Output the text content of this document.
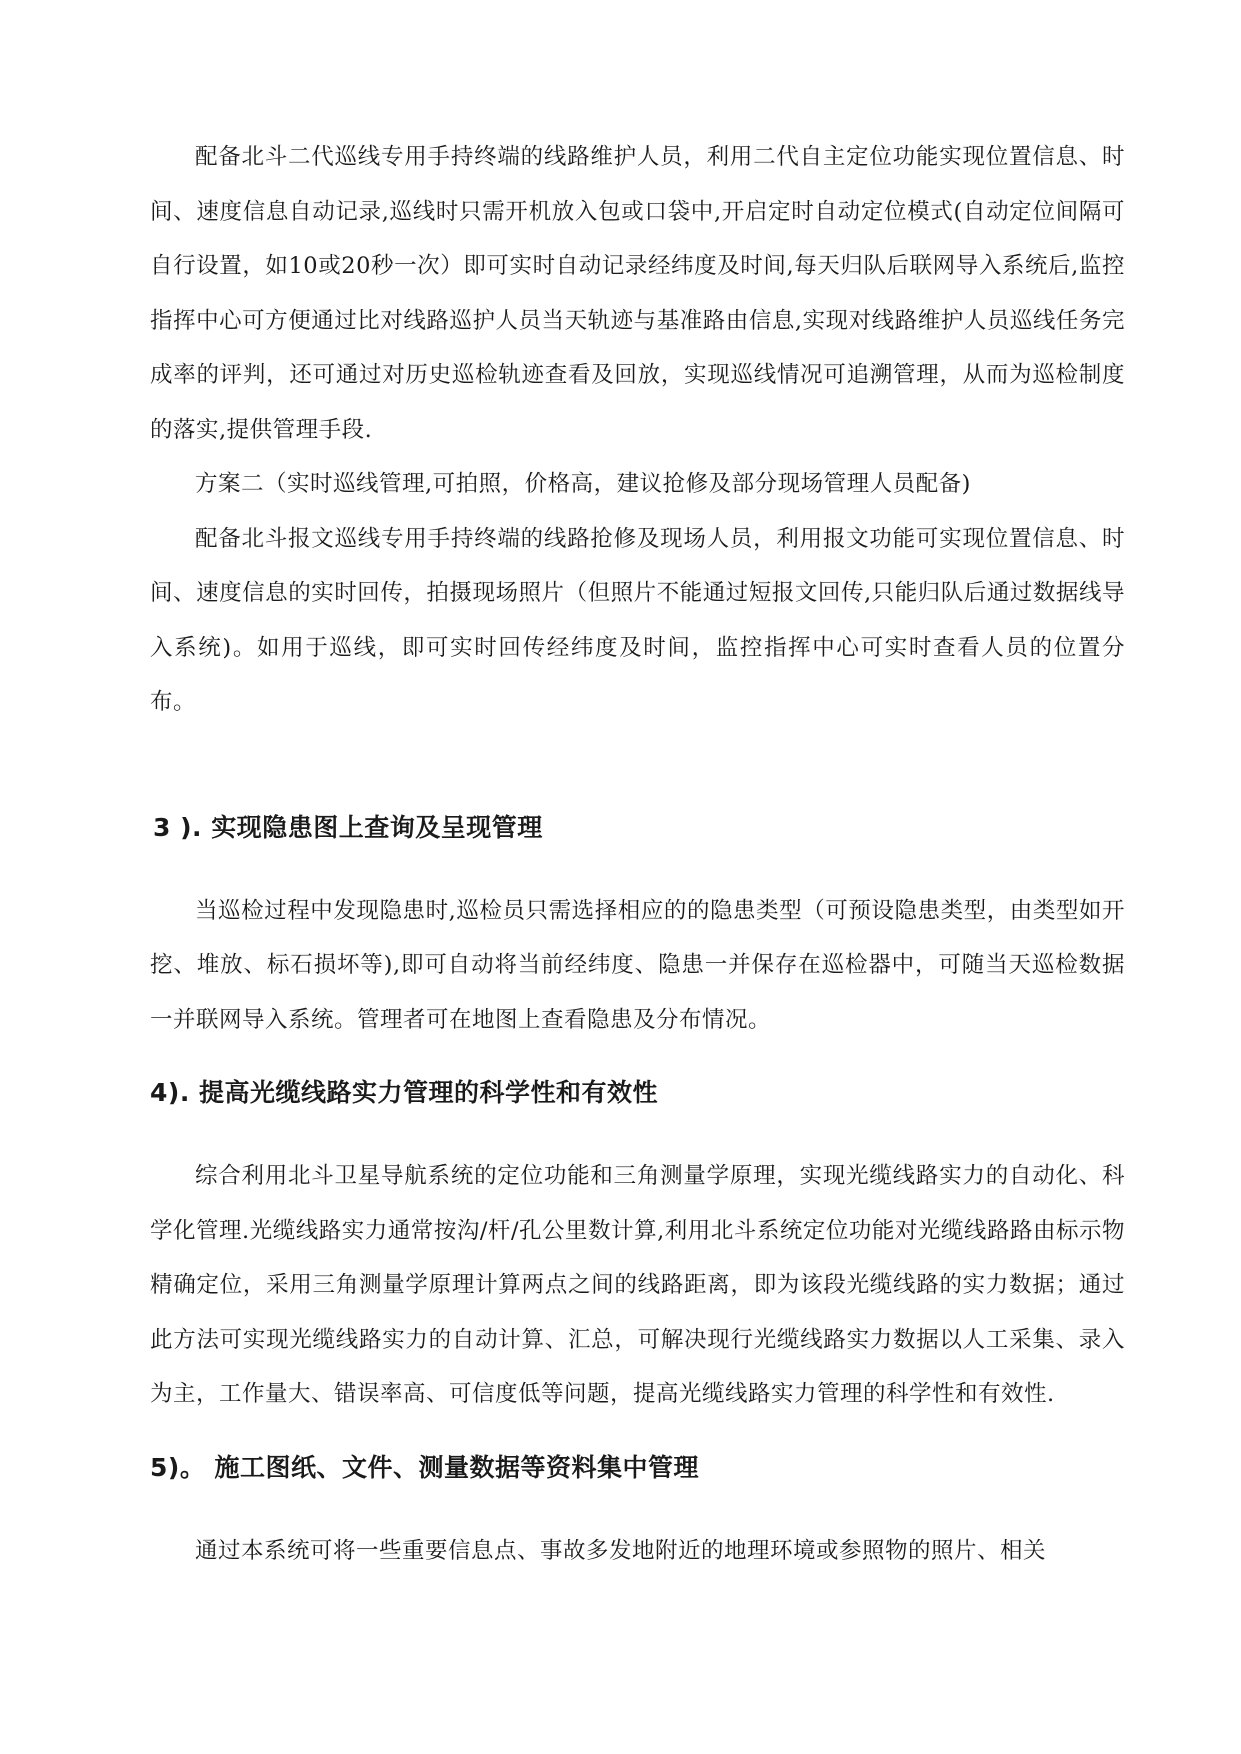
配备北斗二代巡线专用手持终端的线路维护人员，利用二代自主定位功能实现位置信息、时间、速度信息自动记录,巡线时只需开机放入包或口袋中,开启定时自动定位模式(自动定位间隔可自行设置，如10或20秒一次）即可实时自动记录经纬度及时间,每天归队后联网导入系统后,监控指挥中心可方便通过比对线路巡护人员当天轨迹与基准路由信息,实现对线路维护人员巡线任务完成率的评判，还可通过对历史巡检轨迹查看及回放，实现巡线情况可追溯管理，从而为巡检制度的落实,提供管理手段.

方案二（实时巡线管理,可拍照，价格高，建议抢修及部分现场管理人员配备)

配备北斗报文巡线专用手持终端的线路抢修及现场人员，利用报文功能可实现位置信息、时间、速度信息的实时回传，拍摄现场照片（但照片不能通过短报文回传,只能归队后通过数据线导入系统)。如用于巡线，即可实时回传经纬度及时间，监控指挥中心可实时查看人员的位置分布。

3 ). 实现隐患图上查询及呈现管理

当巡检过程中发现隐患时,巡检员只需选择相应的的隐患类型（可预设隐患类型，由类型如开挖、堆放、标石损坏等),即可自动将当前经纬度、隐患一并保存在巡检器中，可随当天巡检数据一并联网导入系统。管理者可在地图上查看隐患及分布情况。

4). 提高光缆线路实力管理的科学性和有效性

综合利用北斗卫星导航系统的定位功能和三角测量学原理，实现光缆线路实力的自动化、科学化管理.光缆线路实力通常按沟/杆/孔公里数计算,利用北斗系统定位功能对光缆线路路由标示物精确定位，采用三角测量学原理计算两点之间的线路距离，即为该段光缆线路的实力数据；通过此方法可实现光缆线路实力的自动计算、汇总，可解决现行光缆线路实力数据以人工采集、录入为主，工作量大、错误率高、可信度低等问题，提高光缆线路实力管理的科学性和有效性.

5)。 施工图纸、文件、测量数据等资料集中管理

通过本系统可将一些重要信息点、事故多发地附近的地理环境或参照物的照片、相关
